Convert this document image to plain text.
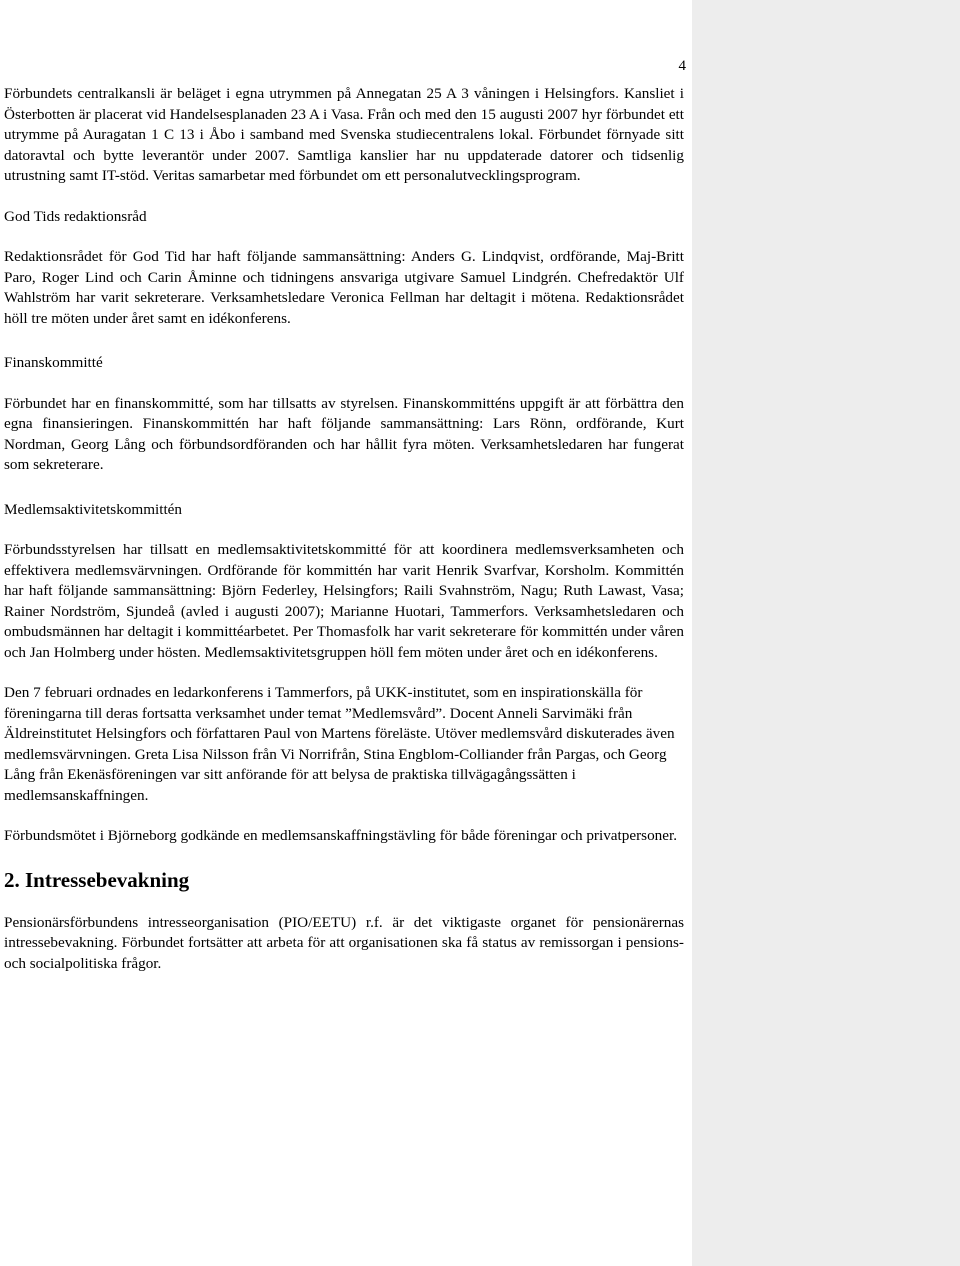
4

Förbundets centralkansli är beläget i egna utrymmen på Annegatan 25 A 3 våningen i Helsingfors. Kansliet i Österbotten är placerat vid Handelsesplanaden 23 A i Vasa. Från och med den 15 augusti 2007 hyr förbundet ett utrymme på Auragatan 1 C 13 i Åbo i samband med Svenska studiecentralens lokal. Förbundet förnyade sitt datoravtal och bytte leverantör under 2007. Samtliga kanslier har nu uppdaterade datorer och tidsenlig utrustning samt IT-stöd. Veritas samarbetar med förbundet om ett personalutvecklingsprogram.

God Tids redaktionsråd

Redaktionsrådet för God Tid har haft följande sammansättning: Anders G. Lindqvist, ordförande, Maj-Britt Paro, Roger Lind och Carin Åminne och tidningens ansvariga utgivare Samuel Lindgrén. Chefredaktör Ulf Wahlström har varit sekreterare. Verksamhetsledare Veronica Fellman har deltagit i mötena. Redaktionsrådet höll tre möten under året samt en idékonferens.

Finanskommitté

Förbundet har en finanskommitté, som har tillsatts av styrelsen. Finanskommitténs uppgift är att förbättra den egna finansieringen. Finanskommittén har haft följande sammansättning: Lars Rönn, ordförande, Kurt Nordman, Georg Lång och förbundsordföranden och har hållit fyra möten. Verksamhetsledaren har fungerat som sekreterare.

Medlemsaktivitetskommittén

Förbundsstyrelsen har tillsatt en medlemsaktivitetskommitté för att koordinera medlemsverksamheten och effektivera medlemsvärvningen. Ordförande för kommittén har varit Henrik Svarfvar, Korsholm. Kommittén har haft följande sammansättning: Björn Federley, Helsingfors; Raili Svahnström, Nagu; Ruth Lawast, Vasa; Rainer Nordström, Sjundeå (avled i augusti 2007); Marianne Huotari, Tammerfors. Verksamhetsledaren och ombudsmännen har deltagit i kommittéarbetet. Per Thomasfolk har varit sekreterare för kommittén under våren och Jan Holmberg under hösten. Medlemsaktivitetsgruppen höll fem möten under året och en idékonferens.

Den 7 februari ordnades en ledarkonferens i Tammerfors, på UKK-institutet, som en inspirationskälla för föreningarna till deras fortsatta verksamhet under temat ”Medlemsvård”. Docent Anneli Sarvimäki från Äldreinstitutet Helsingfors och författaren Paul von Martens föreläste. Utöver medlemsvård diskuterades även medlemsvärvningen. Greta Lisa Nilsson från Vi Norrifrån, Stina Engblom-Colliander från Pargas, och Georg Lång från Ekenäsföreningen var sitt anförande för att belysa de praktiska tillvägagångssätten i medlemsanskaffningen.

Förbundsmötet i Björneborg godkände en medlemsanskaffningstävling för både föreningar och privatpersoner.

2. Intressebevakning

Pensionärsförbundens intresseorganisation (PIO/EETU) r.f. är det viktigaste organet för pensionärernas intressebevakning. Förbundet fortsätter att arbeta för att organisationen ska få status av remissorgan i pensions- och socialpolitiska frågor.
